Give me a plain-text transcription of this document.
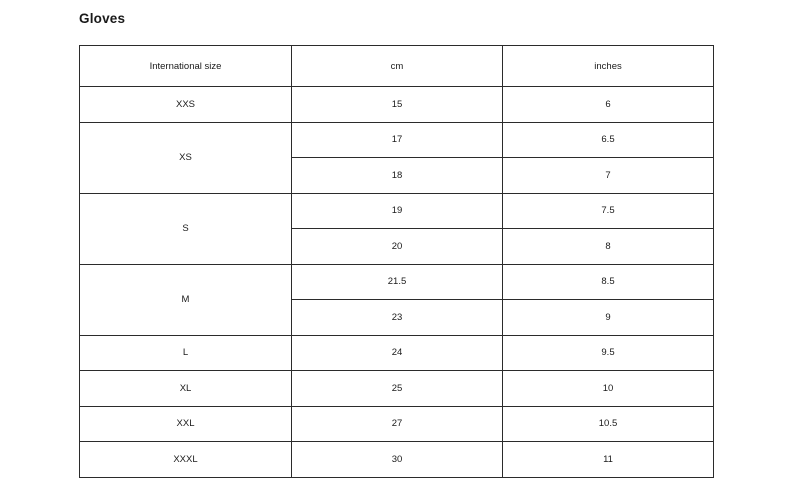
Gloves
International size	cm	inches
XXS	15	6
XS	17	6.5
	18	7
S	19	7.5
	20	8
M	21.5	8.5
	23	9
L	24	9.5
XL	25	10
XXL	27	10.5
XXXL	30	11
